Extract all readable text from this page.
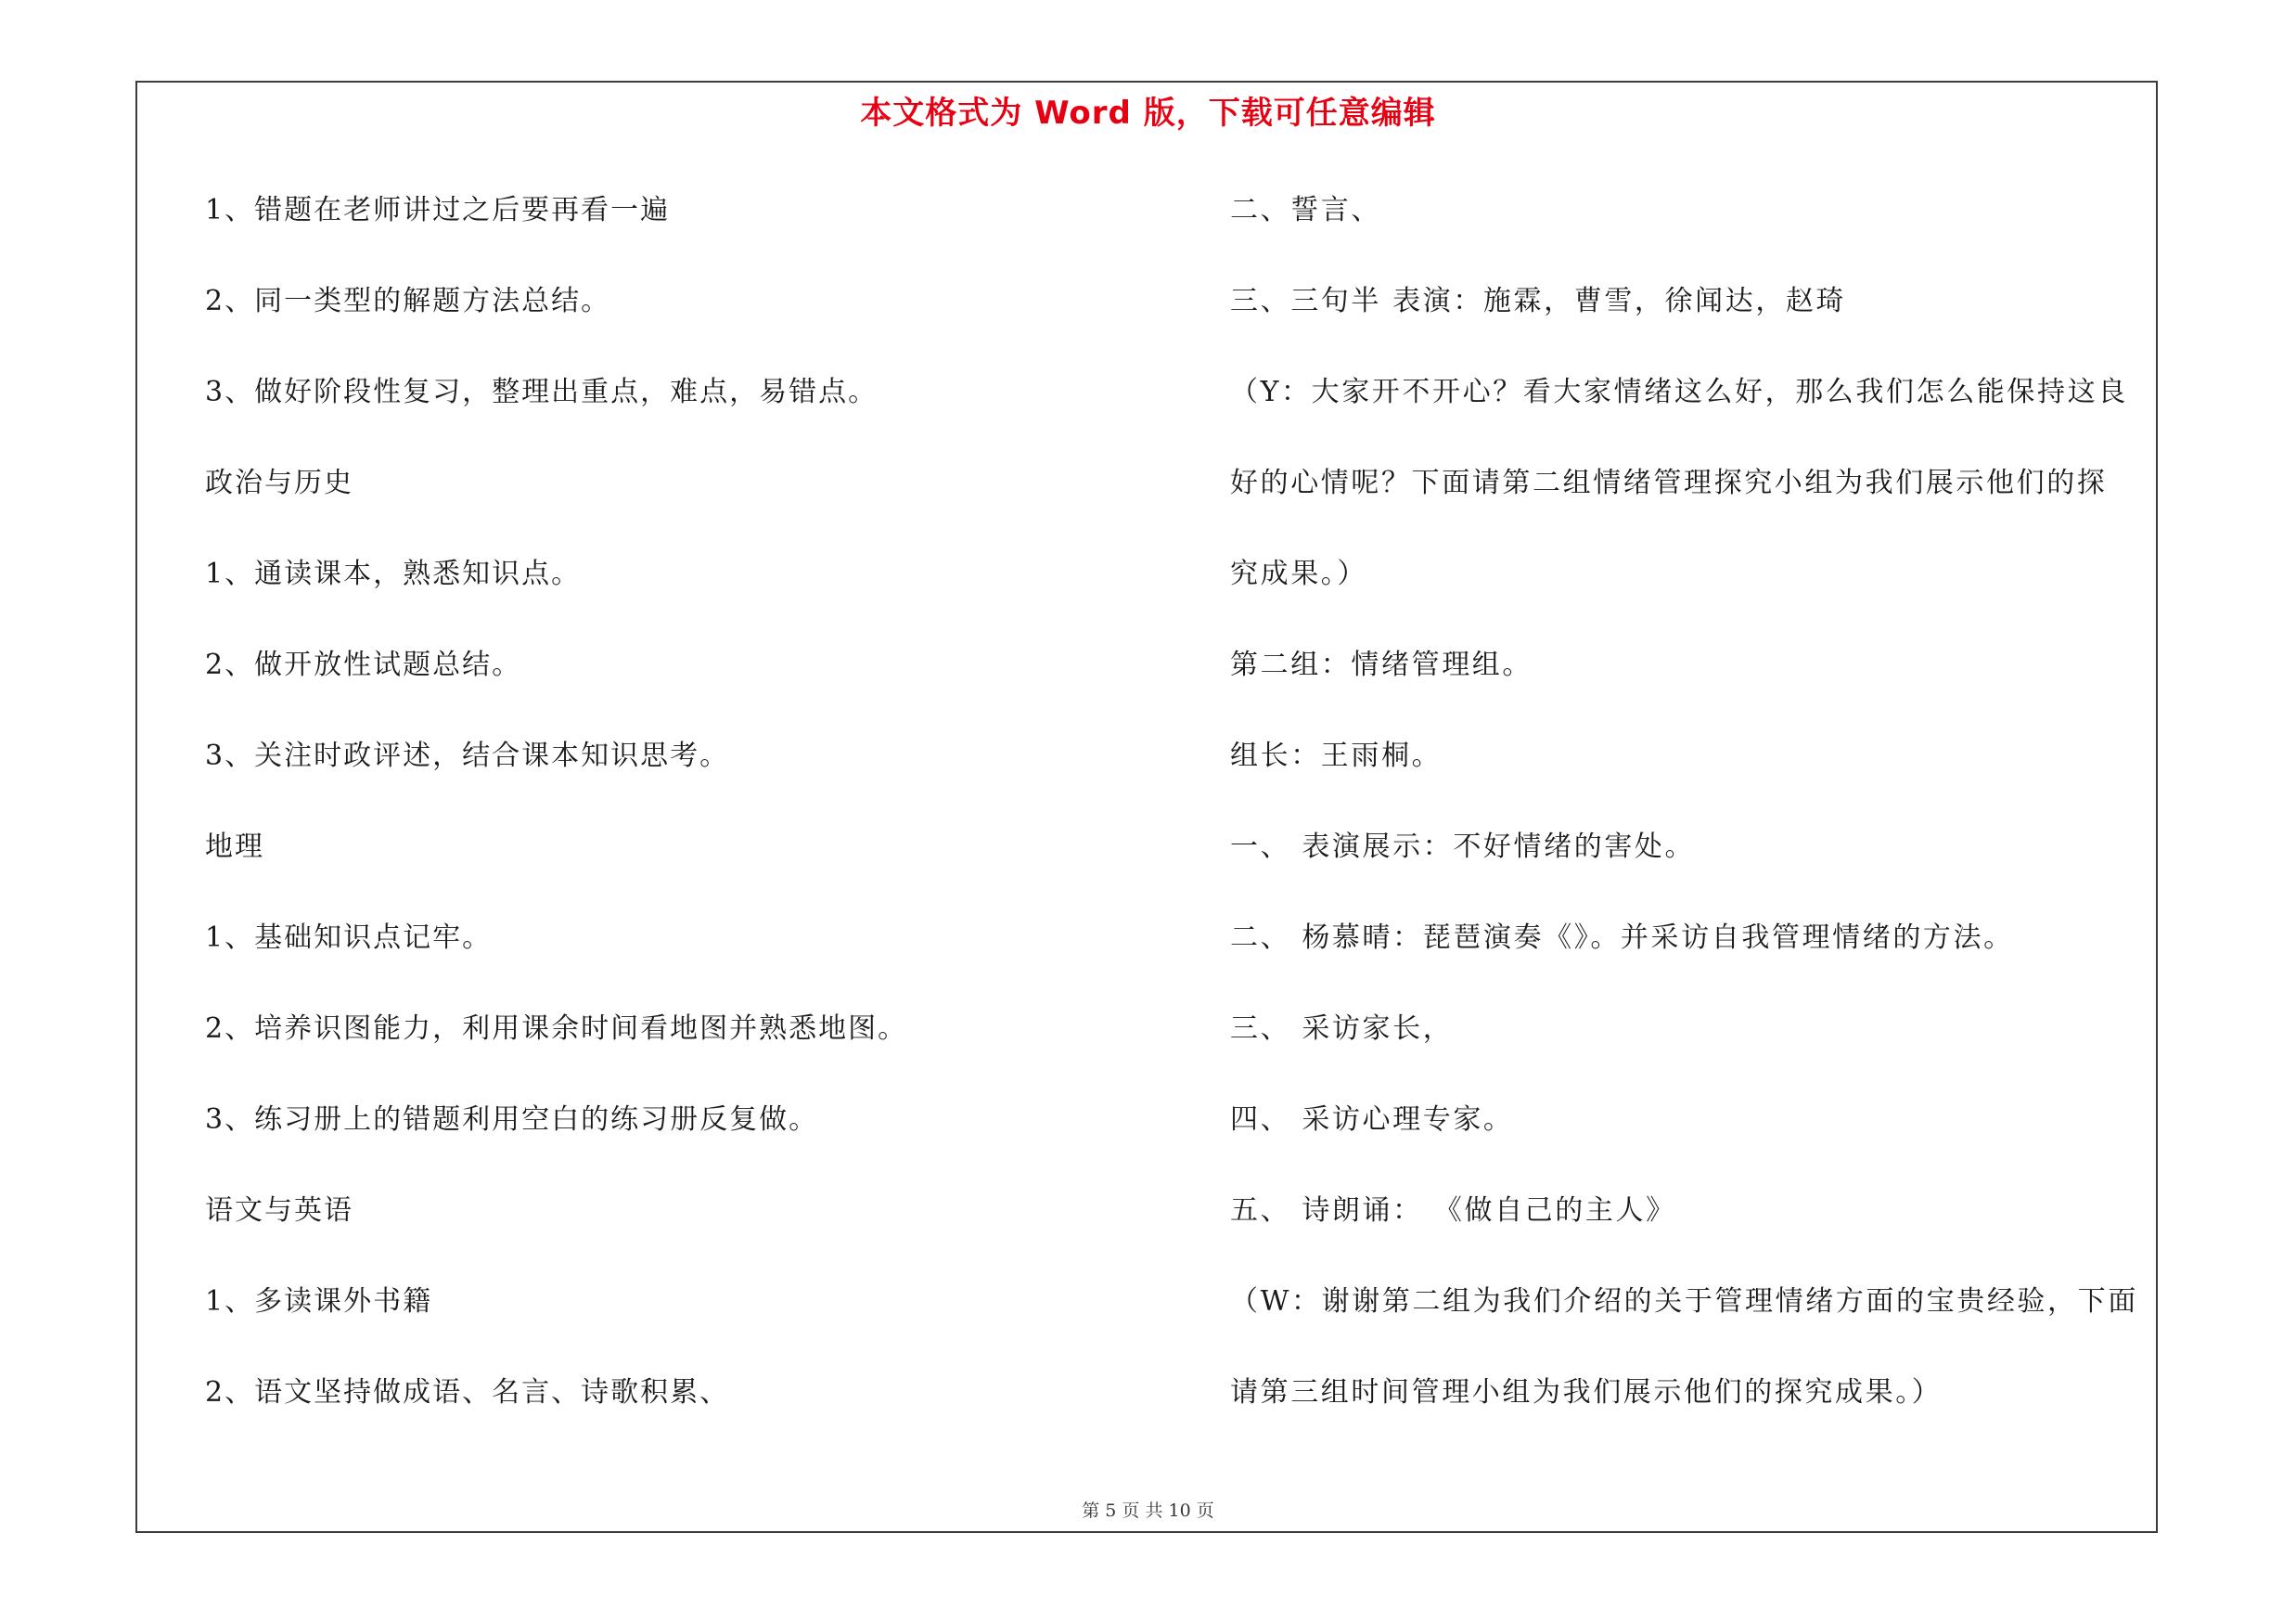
本文格式为 Word 版，下载可任意编辑
1、错题在老师讲过之后要再看一遍
2、同一类型的解题方法总结。
3、做好阶段性复习，整理出重点，难点，易错点。
政治与历史
1、通读课本，熟悉知识点。
2、做开放性试题总结。
3、关注时政评述，结合课本知识思考。
地理
1、基础知识点记牢。
2、培养识图能力，利用课余时间看地图并熟悉地图。
3、练习册上的错题利用空白的练习册反复做。
语文与英语
1、多读课外书籍
2、语文坚持做成语、名言、诗歌积累、
二、誓言、
三、三句半 表演：施霖，曹雪，徐闻达，赵琦
（Y：大家开不开心？看大家情绪这么好，那么我们怎么能保持这良
好的心情呢？下面请第二组情绪管理探究小组为我们展示他们的探
究成果。）
第二组：情绪管理组。
组长：王雨桐。
一、 表演展示：不好情绪的害处。
二、 杨慕晴：琵琶演奏《》。并采访自我管理情绪的方法。
三、 采访家长，
四、 采访心理专家。
五、 诗朗诵： 《做自己的主人》
（W：谢谢第二组为我们介绍的关于管理情绪方面的宝贵经验，下面
请第三组时间管理小组为我们展示他们的探究成果。）
第 5 页 共 10 页
